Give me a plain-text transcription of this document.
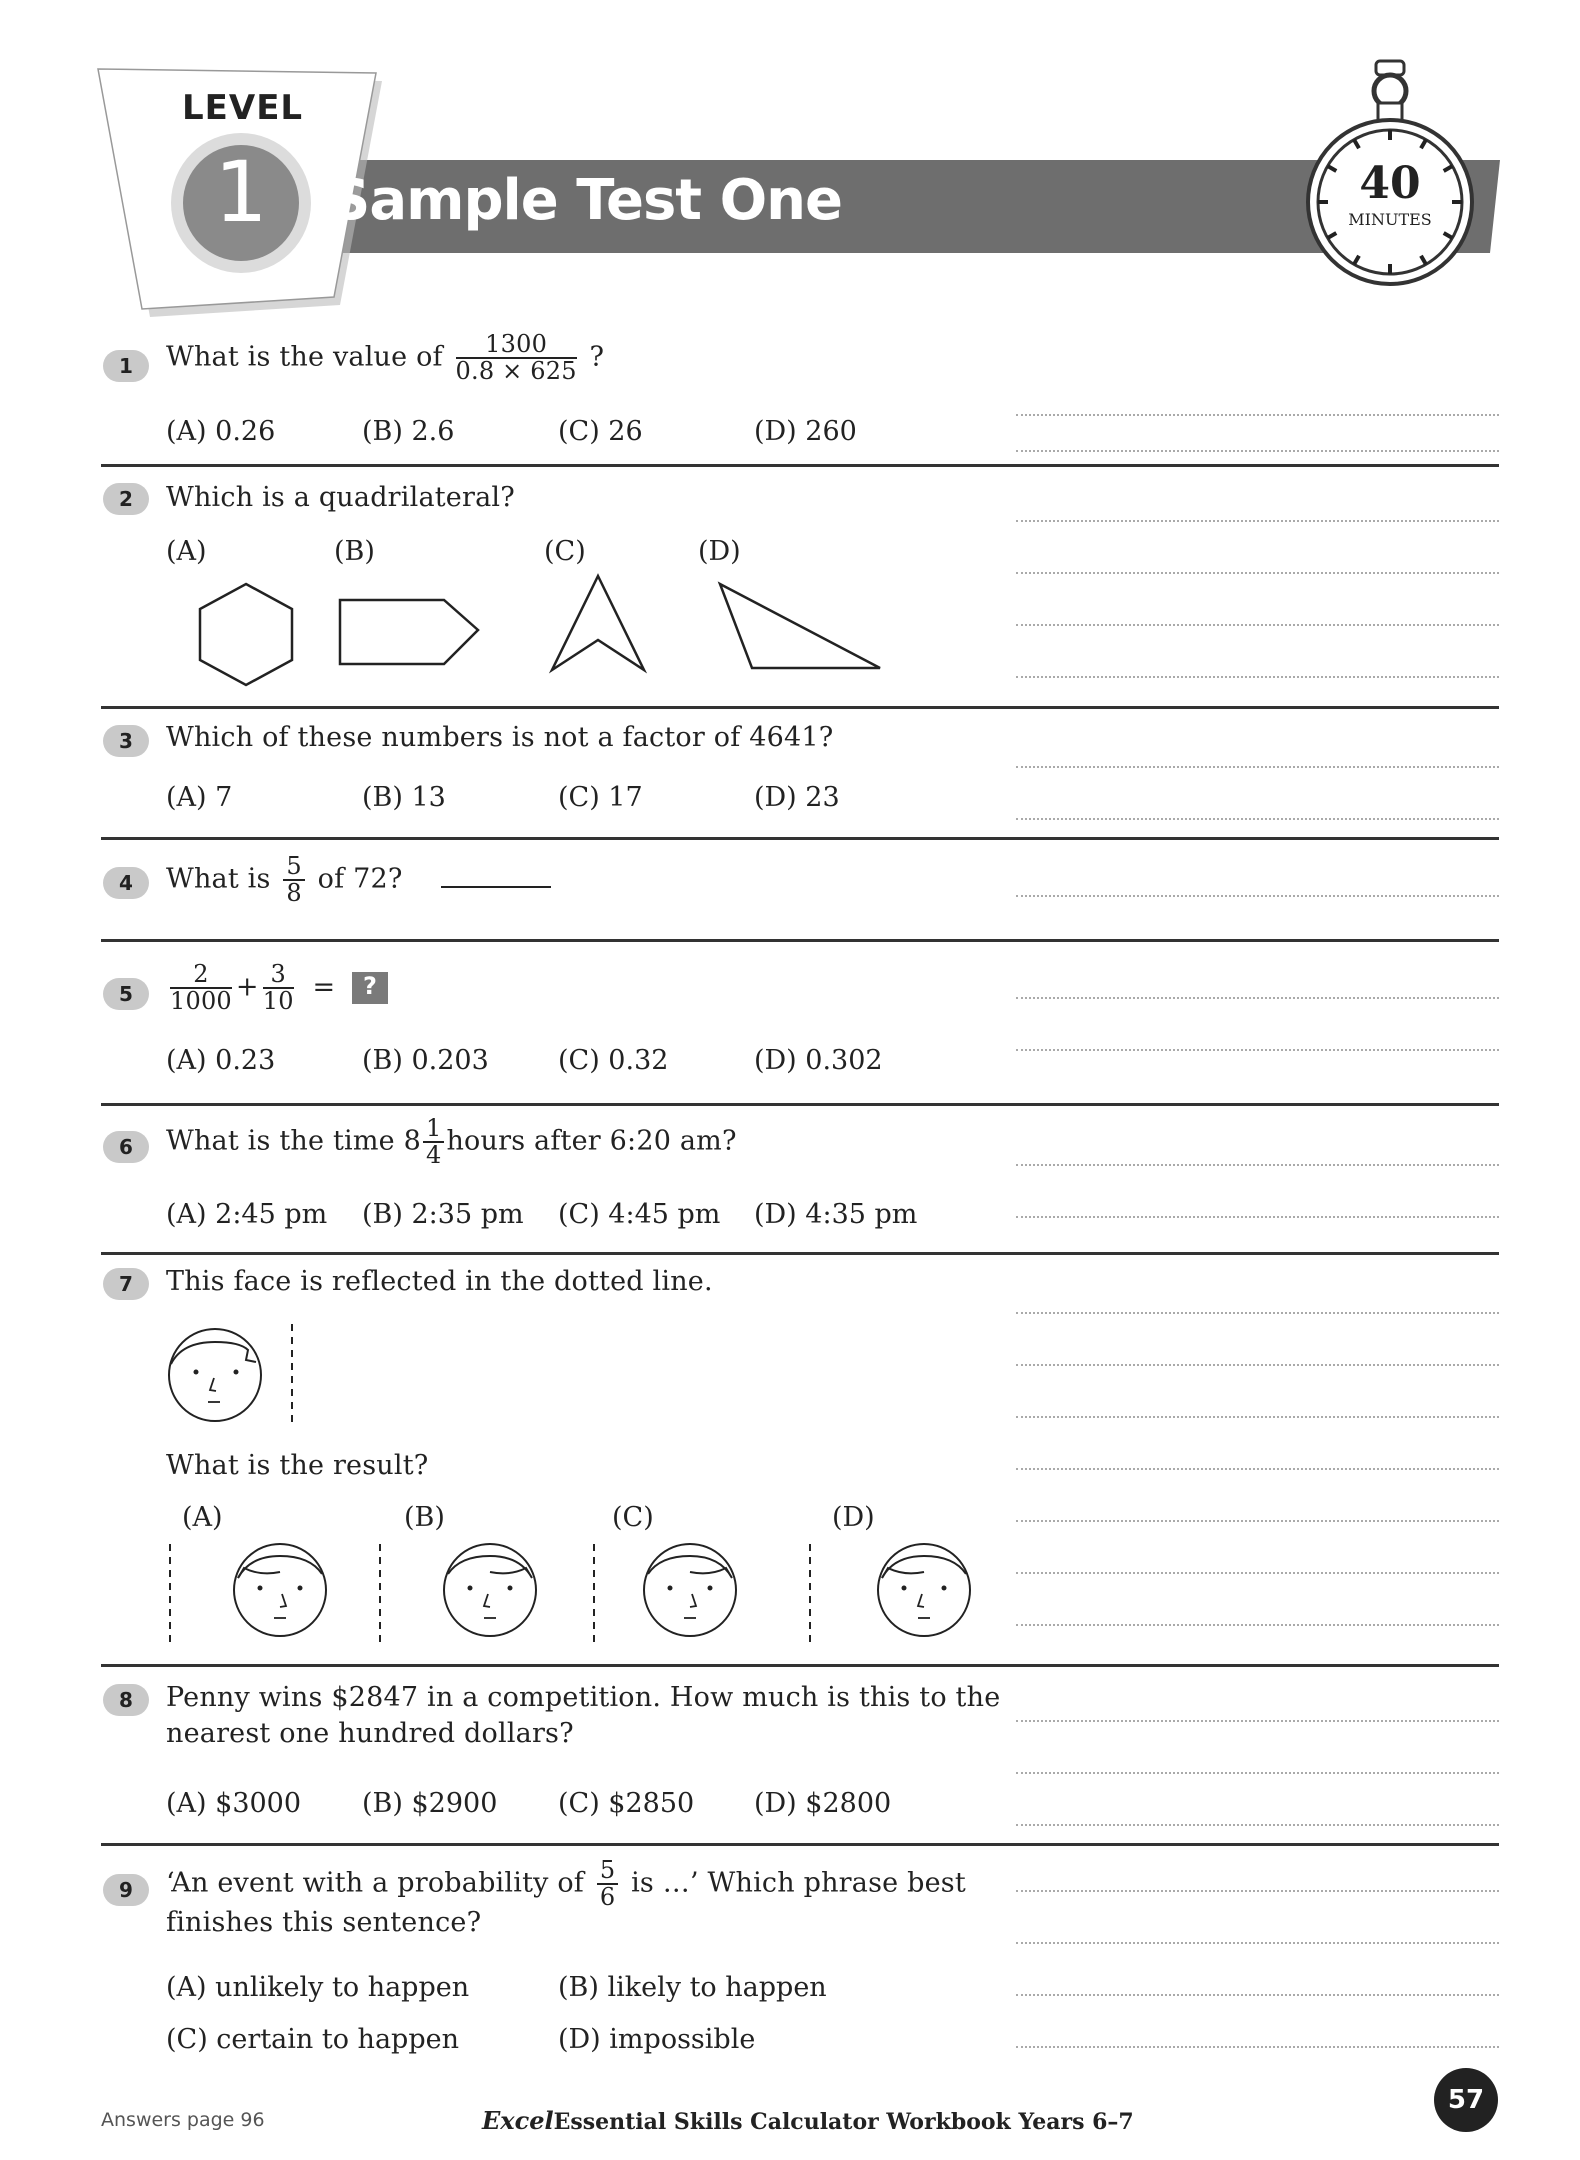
LEVEL
1	Sample Test One	40
MINUTES
1	What is the value of $\frac{1300}{0.8 \times 625}$ ?
(A) 0.26	(B) 2.6	(C) 26	(D) 260
2	Which is a quadrilateral?
(A)	(B)	(C)	(D)
3	Which of these numbers is not a factor of 4641?
(A) 7	(B) 13	(C) 17	(D) 23
4	What is $\frac{5}{8}$ of 72?
5	$\frac{2}{1000} + \frac{3}{10}$ = ?
(A) 0.23	(B) 0.203	(C) 0.32	(D) 0.302
6	What is the time $8 \frac{1}{4}$ hours after 6:20 am?
(A) 2:45 pm (B) 2:35 pm (C) 4:45 pm (D) 4:35 pm
7	This face is reflected in the dotted line.
What is the result?
(A)	(B)	(C)	(D)
8	Penny wins $2847 in a competition. How much is this to the
nearest one hundred dollars?
(A) $3000 (B) $2900 (C) $2850 (D) $2800
9	‘An event with a probability of $\frac{5}{6}$ is …’ Which phrase best
finishes this sentence?
(A) unlikely to happen	(B) likely to happen
(C) certain to happen	(D) impossible
Answers page 96	ExcelEssential Skills Calculator Workbook Years 6–7
57
